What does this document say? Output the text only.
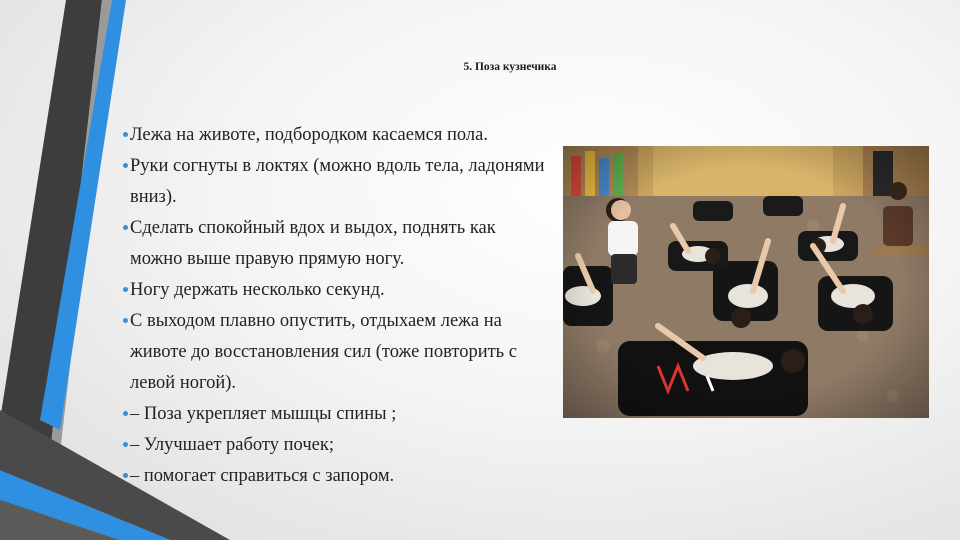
5. Поза кузнечика
Лежа на животе, подбородком касаемся пола.
Руки согнуты в локтях (можно вдоль тела, ладонями вниз).
Сделать спокойный вдох и выдох, поднять как можно выше правую прямую ногу.
Ногу держать несколько секунд.
С выходом плавно опустить, отдыхаем лежа на животе до восстановления сил (тоже повторить с левой ногой).
– Поза укрепляет мышцы спины ;
– Улучшает работу почек;
– помогает справиться с запором.
